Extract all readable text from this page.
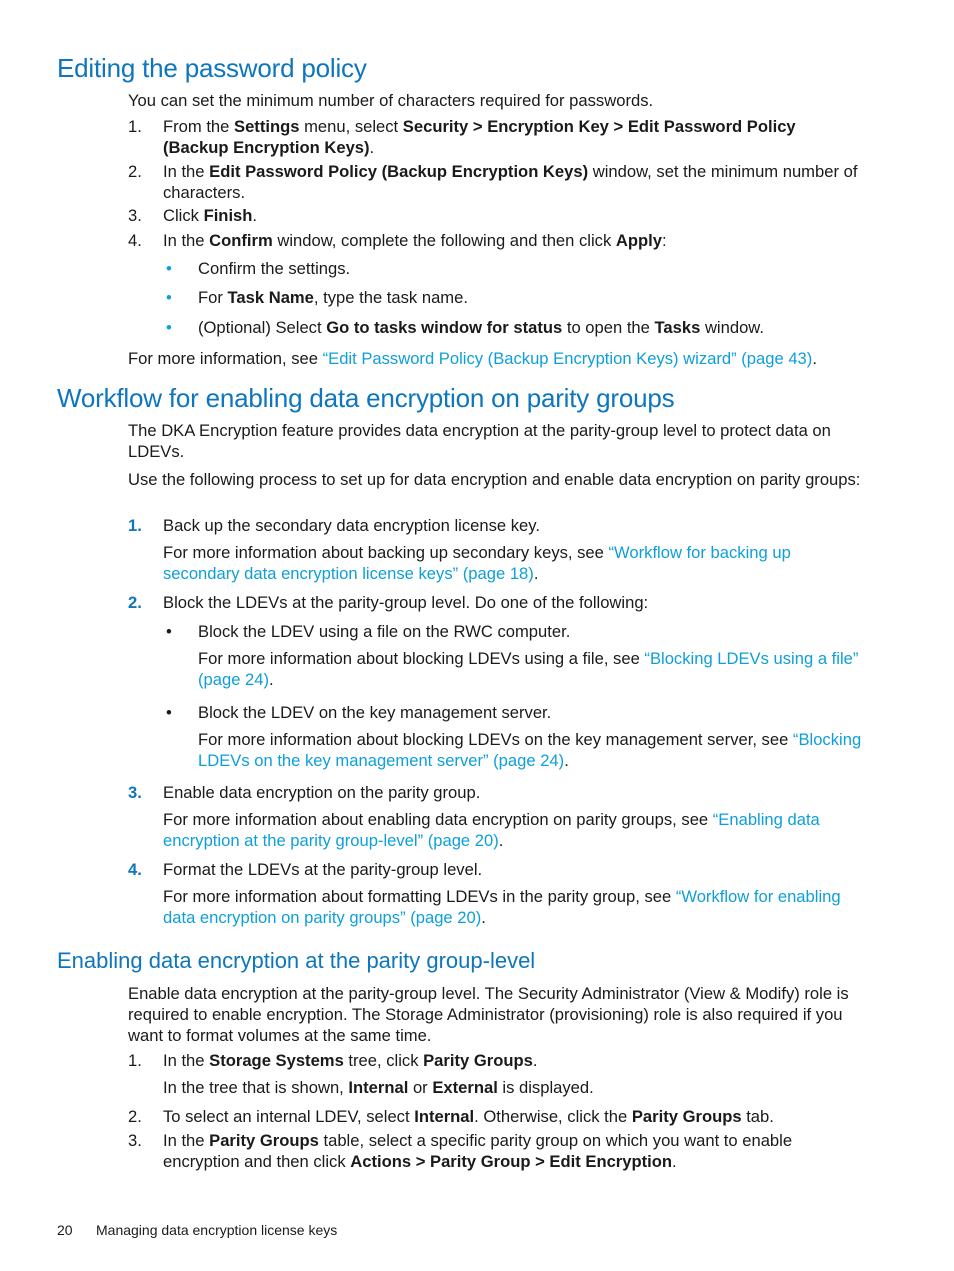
Editing the password policy

You can set the minimum number of characters required for passwords.

1.	From the Settings menu, select Security > Encryption Key > Edit Password Policy (Backup Encryption Keys).

2.	In the Edit Password Policy (Backup Encryption Keys) window, set the minimum number of characters.

3.	Click Finish.

4.	In the Confirm window, complete the following and then click Apply:

•	Confirm the settings.

•	For Task Name, type the task name.

•	(Optional) Select Go to tasks window for status to open the Tasks window.

For more information, see “Edit Password Policy (Backup Encryption Keys) wizard” (page 43).

Workflow for enabling data encryption on parity groups

The DKA Encryption feature provides data encryption at the parity-group level to protect data on LDEVs.

Use the following process to set up for data encryption and enable data encryption on parity groups:

1.	Back up the secondary data encryption license key.

For more information about backing up secondary keys, see “Workflow for backing up secondary data encryption license keys” (page 18).

2.	Block the LDEVs at the parity-group level. Do one of the following:

•	Block the LDEV using a file on the RWC computer.

For more information about blocking LDEVs using a file, see “Blocking LDEVs using a file” (page 24).

•	Block the LDEV on the key management server.

For more information about blocking LDEVs on the key management server, see “Blocking LDEVs on the key management server” (page 24).

3.	Enable data encryption on the parity group.

For more information about enabling data encryption on parity groups, see “Enabling data encryption at the parity group-level” (page 20).

4.	Format the LDEVs at the parity-group level.

For more information about formatting LDEVs in the parity group, see “Workflow for enabling data encryption on parity groups” (page 20).

Enabling data encryption at the parity group-level

Enable data encryption at the parity-group level. The Security Administrator (View & Modify) role is required to enable encryption. The Storage Administrator (provisioning) role is also required if you want to format volumes at the same time.

1.	In the Storage Systems tree, click Parity Groups.

In the tree that is shown, Internal or External is displayed.

2.	To select an internal LDEV, select Internal. Otherwise, click the Parity Groups tab.

3.	In the Parity Groups table, select a specific parity group on which you want to enable encryption and then click Actions > Parity Group > Edit Encryption.

20 Managing data encryption license keys
